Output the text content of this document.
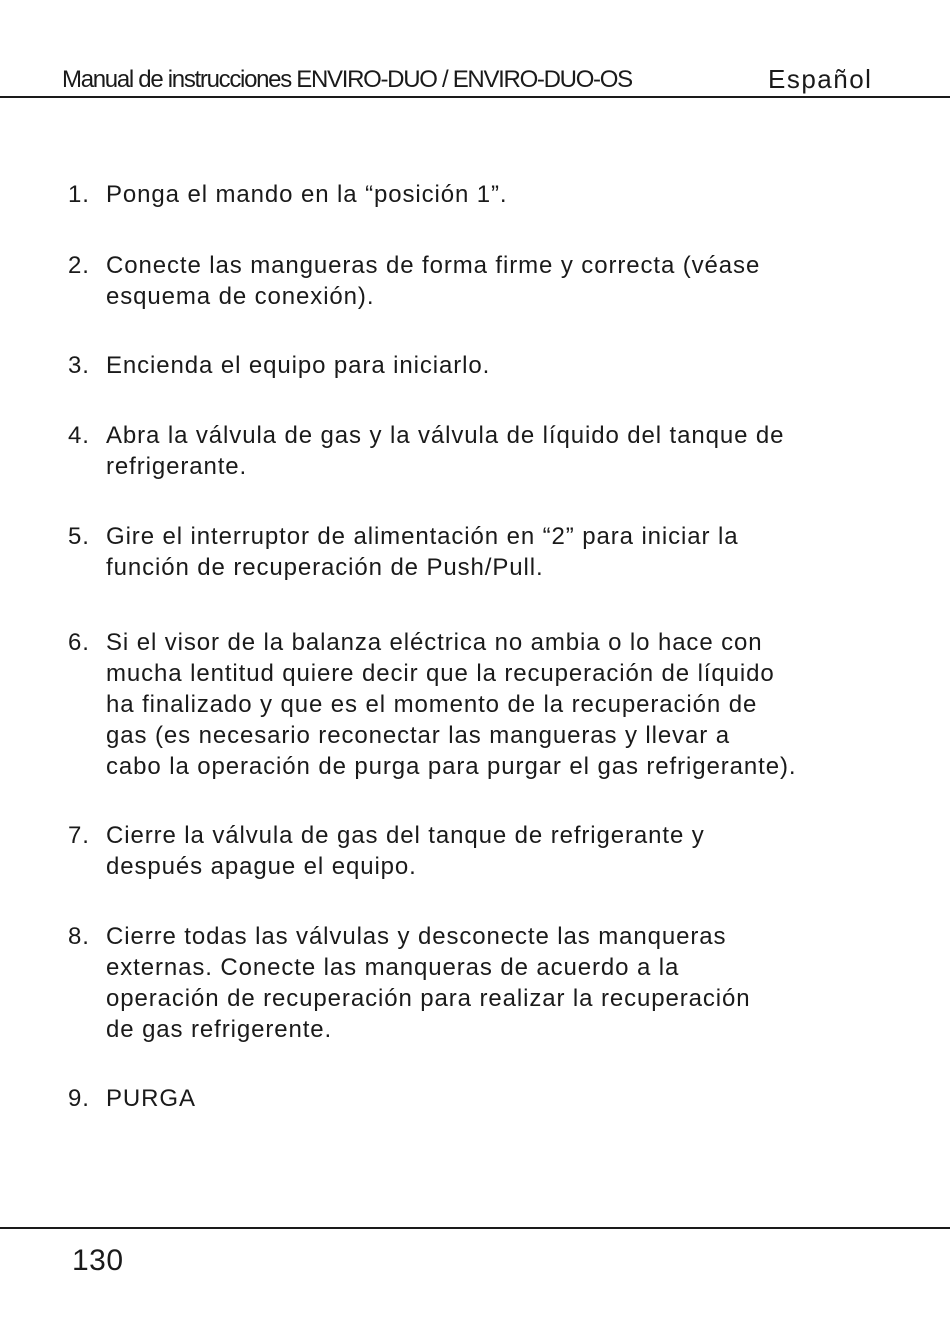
Manual de instrucciones ENVIRO-DUO / ENVIRO-DUO-OS	Español
1. Ponga el mando en la “posición 1”.
2. Conecte las mangueras de forma firme y correcta (véase
esquema de conexión).
3. Encienda el equipo para iniciarlo.
4. Abra la válvula de gas y la válvula de líquido del tanque de
refrigerante.
5. Gire el interruptor de alimentación en “2” para iniciar la
función de recuperación de Push/Pull.
6. Si el visor de la balanza eléctrica no ambia o lo hace con
mucha lentitud quiere decir que la recuperación de líquido
ha finalizado y que es el momento de la recuperación de
gas (es necesario reconectar las mangueras y llevar a
cabo la operación de purga para purgar el gas refrigerante).
7. Cierre la válvula de gas del tanque de refrigerante y
después apague el equipo.
8. Cierre todas las válvulas y desconecte las manqueras
externas. Conecte las manqueras de acuerdo a la
operación de recuperación para realizar la recuperación
de gas refrigerente.
9. PURGA
130
